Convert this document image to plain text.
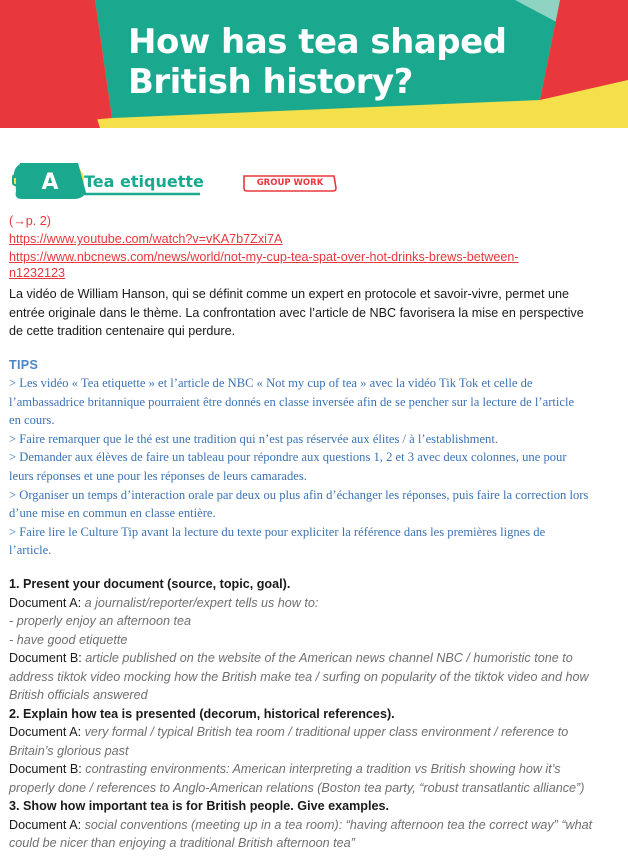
How has tea shaped
British history?
A	Tea etiquette	GROUP WORK
(→p. 2)
https://www.youtube.com/watch?v=vKA7b7Zxi7A
https://www.nbcnews.com/news/world/not-my-cup-tea-spat-over-hot-drinks-brews-between-
n1232123
La vidéo de William Hanson, qui se définit comme un expert en protocole et savoir-vivre, permet une entrée originale dans le thème. La confrontation avec l’article de NBC favorisera la mise en perspective de cette tradition centenaire qui perdure.
TIPS

> Les vidéo « Tea etiquette » et l’article de NBC « Not my cup of tea » avec la vidéo Tik Tok et celle de l’ambassadrice britannique pourraient être donnés en classe inversée afin de se pencher sur la lecture de l’article en cours.

> Faire remarquer que le thé est une tradition qui n’est pas réservée aux élites / à l’establishment.

> Demander aux élèves de faire un tableau pour répondre aux questions 1, 2 et 3 avec deux colonnes, une pour leurs réponses et une pour les réponses de leurs camarades.

> Organiser un temps d’interaction orale par deux ou plus afin d’échanger les réponses, puis faire la correction lors d’une mise en commun en classe entière.

> Faire lire le Culture Tip avant la lecture du texte pour expliciter la référence dans les premières lignes de l’article.

1. Present your document (source, topic, goal).
Document A: a journalist/reporter/expert tells us how to:
- properly enjoy an afternoon tea
- have good etiquette
Document B: article published on the website of the American news channel NBC / humoristic tone to address tiktok video mocking how the British make tea / surfing on popularity of the tiktok video and how British officials answered
2. Explain how tea is presented (decorum, historical references).
Document A: very formal / typical British tea room / traditional upper class environment / reference to Britain’s glorious past
Document B: contrasting environments: American interpreting a tradition vs British showing how it’s properly done / references to Anglo-American relations (Boston tea party, “robust transatlantic alliance”)
3. Show how important tea is for British people. Give examples.
Document A: social conventions (meeting up in a tea room): “having afternoon tea the correct way” “what could be nicer than enjoying a traditional British afternoon tea”
